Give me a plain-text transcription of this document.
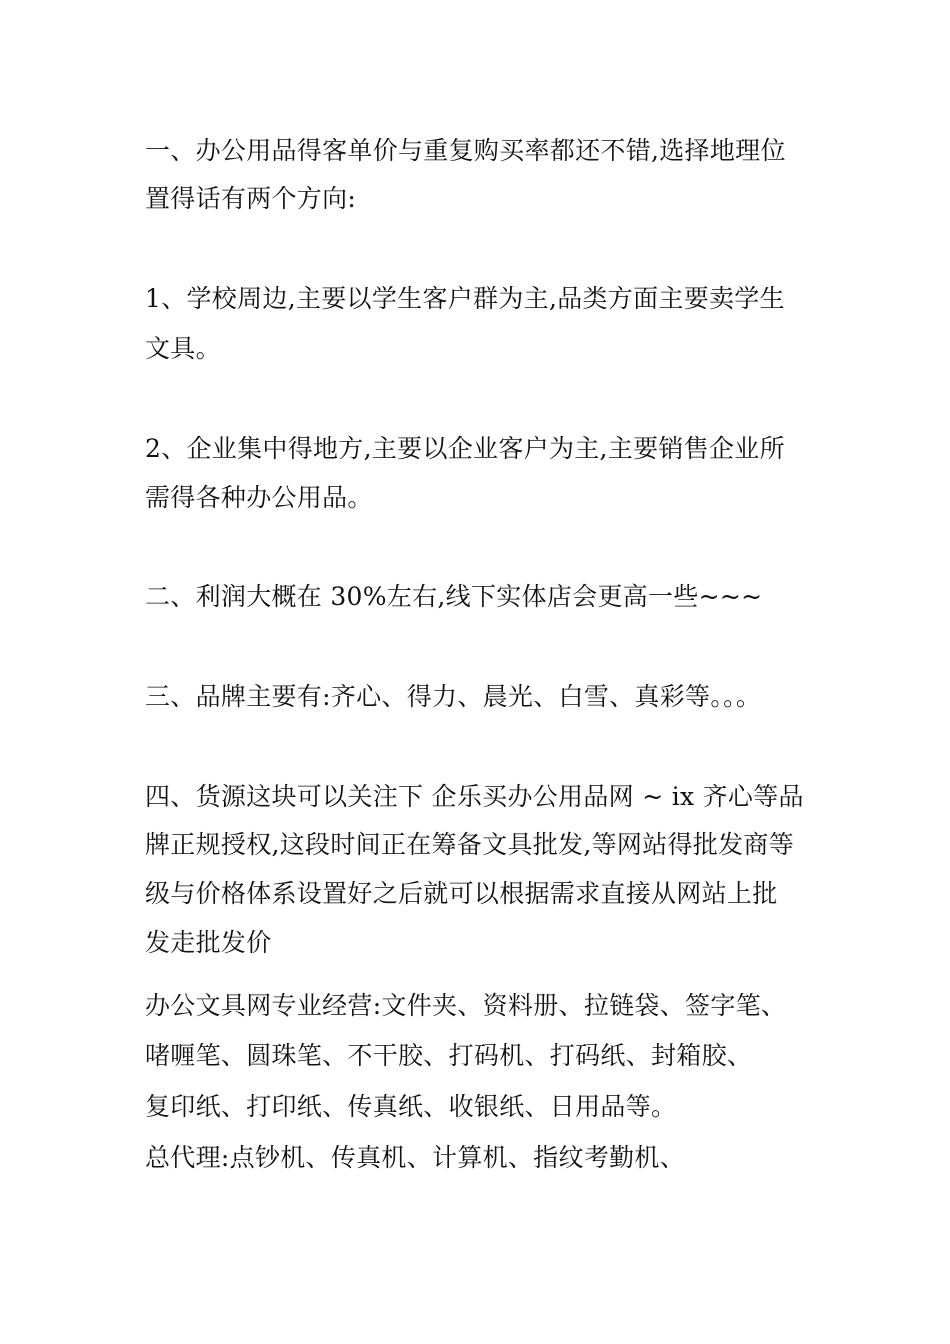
一、办公用品得客单价与重复购买率都还不错,选择地理位
置得话有两个方向:
1、学校周边,主要以学生客户群为主,品类方面主要卖学生
文具。
2、企业集中得地方,主要以企业客户为主,主要销售企业所
需得各种办公用品。
二、利润大概在 30%左右,线下实体店会更高一些~~~
三、品牌主要有:齐心、得力、晨光、白雪、真彩等。。。
四、货源这块可以关注下 企乐买办公用品网 ~ ix 齐心等品
牌正规授权,这段时间正在筹备文具批发,等网站得批发商等
级与价格体系设置好之后就可以根据需求直接从网站上批
发走批发价
办公文具网专业经营:文件夹、资料册、拉链袋、签字笔、
啫喱笔、圆珠笔、不干胶、打码机、打码纸、封箱胶、
复印纸、打印纸、传真纸、收银纸、日用品等。
总代理:点钞机、传真机、计算机、指纹考勤机、
